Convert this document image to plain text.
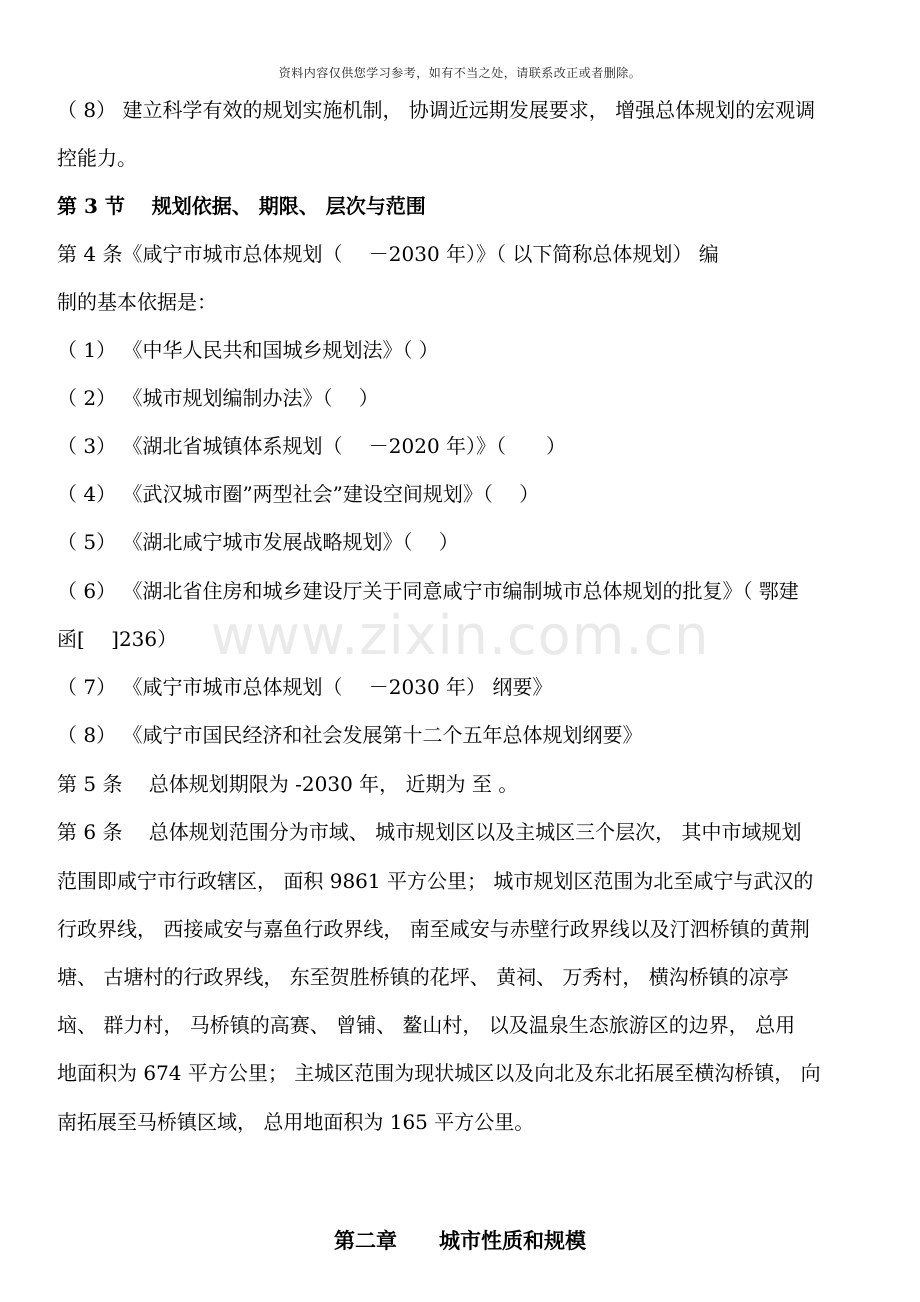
资料内容仅供您学习参考，如有不当之处，请联系改正或者删除。
www.zixin.com.cn
（ 8） 建立科学有效的规划实施机制， 协调近远期发展要求， 增强总体规划的宏观调
控能力。
第 3 节　 规划依据、 期限、 层次与范围
第 4 条《咸宁市城市总体规划（　 －2030 年）》（ 以下简称总体规划） 编
制的基本依据是：
（ 1） 《中华人民共和国城乡规划法》（ ）
（ 2） 《城市规划编制办法》（　 ）
（ 3） 《湖北省城镇体系规划（　 －2020 年）》（　　）
（ 4） 《武汉城市圈”两型社会”建设空间规划》（　 ）
（ 5） 《湖北咸宁城市发展战略规划》（　 ）
（ 6） 《湖北省住房和城乡建设厅关于同意咸宁市编制城市总体规划的批复》（ 鄂建
函[　 ]236）
（ 7） 《咸宁市城市总体规划（　 －2030 年） 纲要》
（ 8） 《咸宁市国民经济和社会发展第十二个五年总体规划纲要》
第 5 条　 总体规划期限为 -2030 年， 近期为 至 。
第 6 条　 总体规划范围分为市域、 城市规划区以及主城区三个层次， 其中市域规划
范围即咸宁市行政辖区， 面积 9861 平方公里； 城市规划区范围为北至咸宁与武汉的
行政界线， 西接咸安与嘉鱼行政界线， 南至咸安与赤壁行政界线以及汀泗桥镇的黄荆
塘、 古塘村的行政界线， 东至贺胜桥镇的花坪、 黄祠、 万秀村， 横沟桥镇的凉亭
垴、 群力村， 马桥镇的高赛、 曾铺、 鳌山村， 以及温泉生态旅游区的边界， 总用
地面积为 674 平方公里； 主城区范围为现状城区以及向北及东北拓展至横沟桥镇， 向
南拓展至马桥镇区域， 总用地面积为 165 平方公里。
第二章　　城市性质和规模
